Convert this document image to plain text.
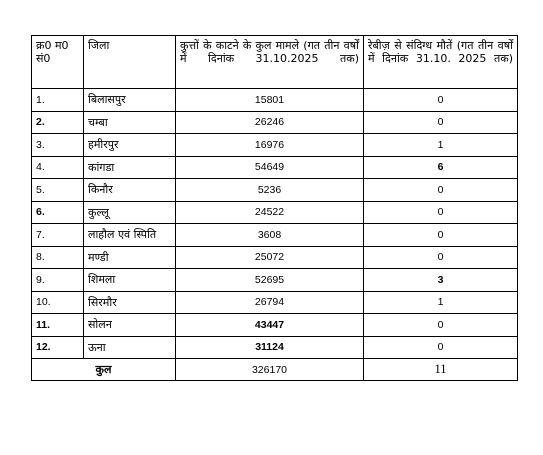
क्र0 म0 सं0	जिला	कुत्तों के काटने के कुल मामले (गत तीन वर्षों में दिनांक 31.10.2025 तक)	रेबीज़ से संदिग्ध मौतें (गत तीन वर्षों में दिनांक 31.10. 2025 तक)
1.	बिलासपुर	15801	0
2.	चम्बा	26246	0
3.	हमीरपुर	16976	1
4.	कांगडा	54649	6
5.	किनौर	5236	0
6.	कुल्लू	24522	0
7.	लाहौल एवं स्पिति	3608	0
8.	मण्डी	25072	0
9.	शिमला	52695	3
10.	सिरमौर	26794	1
11.	सोलन	43447	0
12.	ऊना	31124	0
कुल		326170	11
